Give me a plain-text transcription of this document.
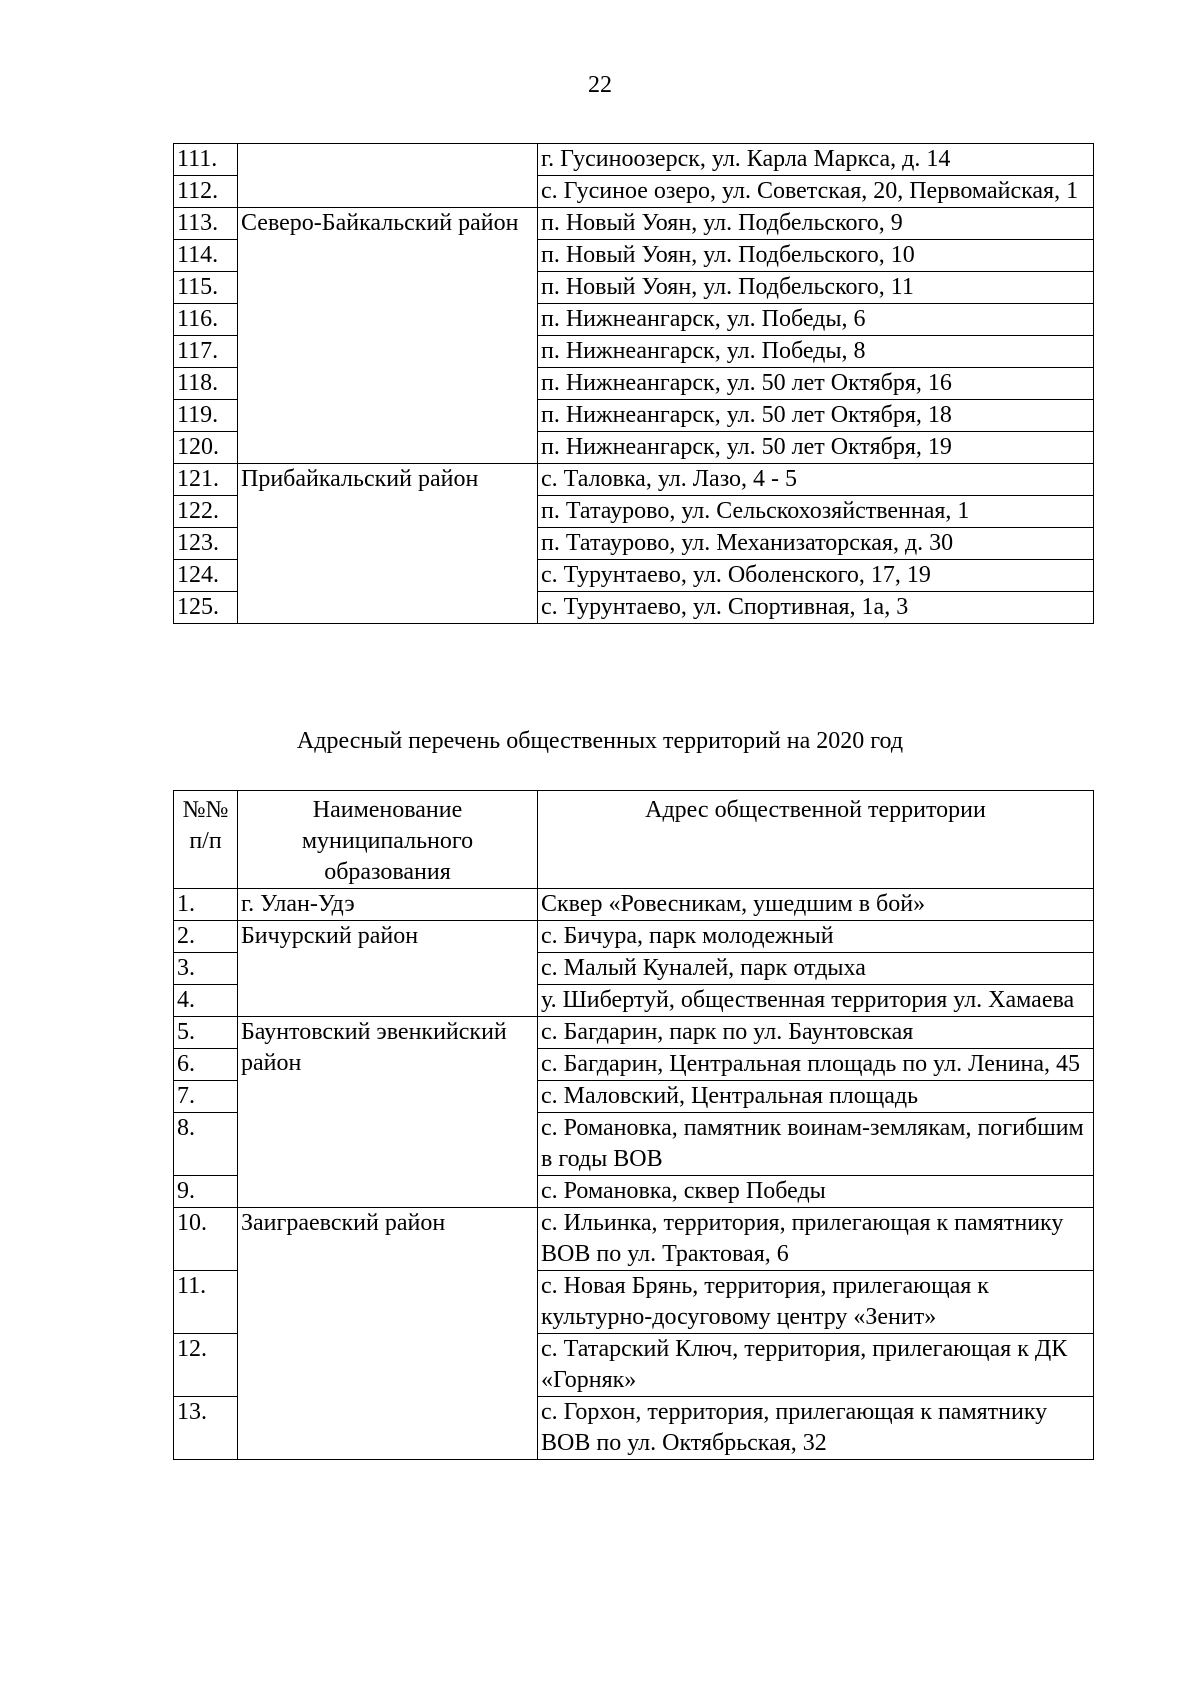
22
111.		г. Гусиноозерск, ул. Карла Маркса, д. 14
112.		с. Гусиное озеро, ул. Советская, 20, Первомайская, 1
113.	Северо-Байкальский район	п. Новый Уоян, ул. Подбельского, 9
114.		п. Новый Уоян, ул. Подбельского, 10
115.		п. Новый Уоян, ул. Подбельского, 11
116.		п. Нижнеангарск, ул. Победы, 6
117.		п. Нижнеангарск, ул. Победы, 8
118.		п. Нижнеангарск, ул. 50 лет Октября, 16
119.		п. Нижнеангарск, ул. 50 лет Октября, 18
120.		п. Нижнеангарск, ул. 50 лет Октября, 19
121.	Прибайкальский район	с. Таловка, ул. Лазо, 4 - 5
122.		п. Татаурово, ул. Сельскохозяйственная, 1
123.		п. Татаурово, ул. Механизаторская, д. 30
124.		с. Турунтаево, ул. Оболенского, 17, 19
125.		с. Турунтаево, ул. Спортивная, 1а, 3
Адресный перечень общественных территорий на 2020 год
№№ п/п	Наименование муниципального образования	Адрес общественной территории
1.	г. Улан-Удэ	Сквер «Ровесникам, ушедшим в бой»
2.	Бичурский район	с. Бичура, парк молодежный
3.		с. Малый Куналей, парк отдыха
4.		у. Шибертуй, общественная территория ул. Хамаева
5.	Баунтовский эвенкийский район	с. Багдарин, парк по ул. Баунтовская
6.		с. Багдарин, Центральная площадь по ул. Ленина, 45
7.		с. Маловский, Центральная площадь
8.		с. Романовка, памятник воинам-землякам, погибшим в годы ВОВ
9.		с. Романовка, сквер Победы
10.	Заиграевский район	с. Ильинка, территория, прилегающая к памятнику ВОВ по ул. Трактовая, 6
11.		с. Новая Брянь, территория, прилегающая к культурно-досуговому центру «Зенит»
12.		с. Татарский Ключ, территория, прилегающая к ДК «Горняк»
13.		с. Горхон, территория, прилегающая к памятнику ВОВ по ул. Октябрьская, 32
